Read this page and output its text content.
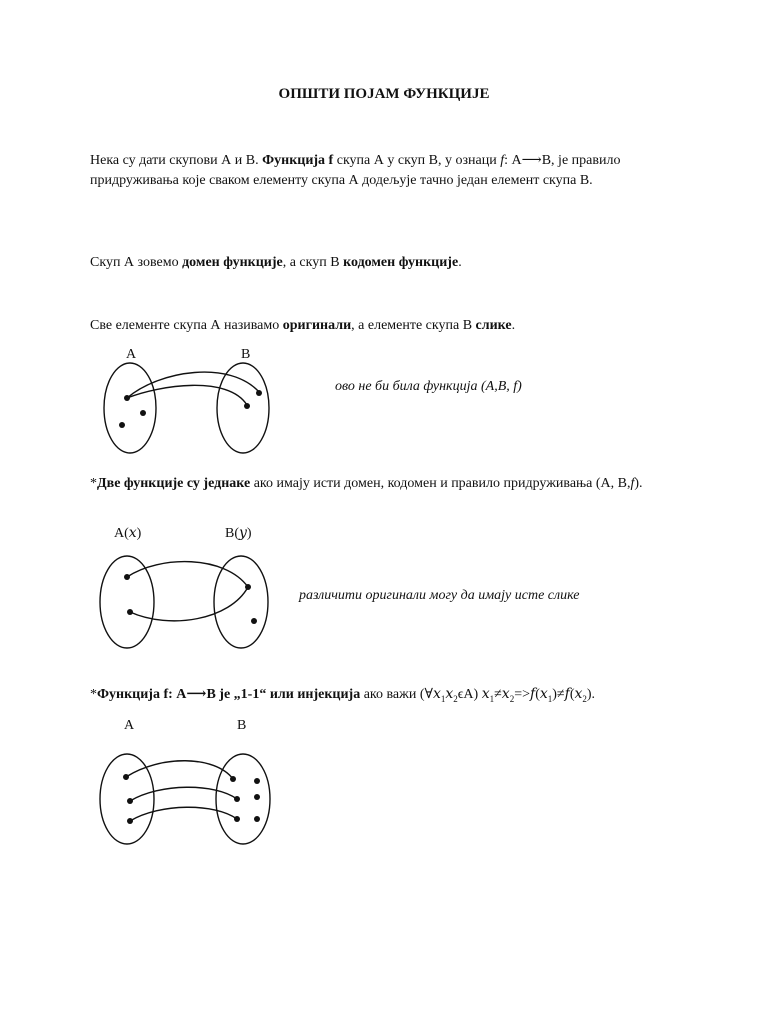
ОПШТИ ПОЈАМ ФУНКЦИЈЕ

Нека су дати скупови А и В. Функција f скупа А у скуп В, у ознаци f: А⟶В, је правило придруживања које сваком елементу скупа А додељује тачно један елемент скупа В.

Скуп А зовемо домен функције, а скуп В кодомен функције.

Све елементе скупа А називамо оригинали, а елементе скупа В слике.

А	В
ово не би била функција (A,B, f)

*Две функције су једнаке ако имају исти домен, кодомен и правило придруживања (А, В,f).

А(𝑥)	В(𝑦)
различити оригинали могу да имају исте слике

*Функција f: А⟶В је „1-1“ или инјекција ако важи (∀𝑥$_1$𝑥$_2$ϵА) 𝑥$_1$≠𝑥$_2$=>𝑓(𝑥$_1$)≠𝑓(𝑥$_2$).

А	В
